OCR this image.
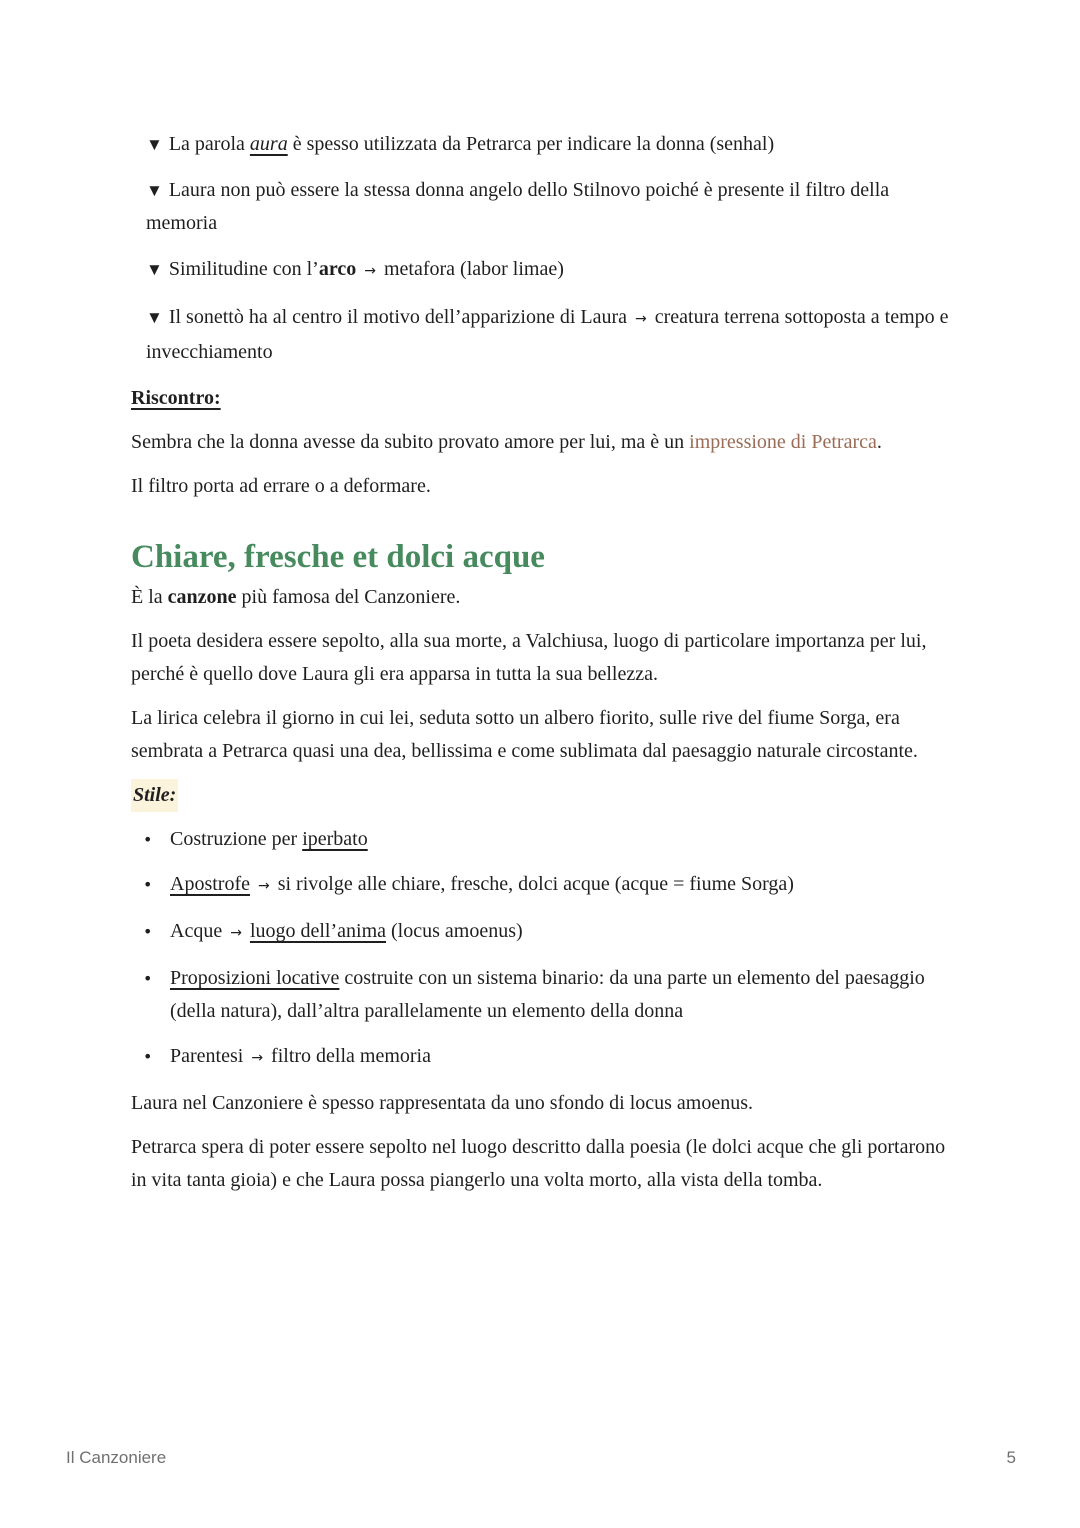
▼ La parola aura è spesso utilizzata da Petrarca per indicare la donna (senhal)
▼ Laura non può essere la stessa donna angelo dello Stilnovo poiché è presente il filtro della memoria
▼ Similitudine con l’arco → metafora (labor limae)
▼ Il sonettò ha al centro il motivo dell’apparizione di Laura → creatura terrena sottoposta a tempo e invecchiamento
Riscontro:

Sembra che la donna avesse da subito provato amore per lui, ma è un impressione di Petrarca.

Il filtro porta ad errare o a deformare.

Chiare, fresche et dolci acque

È la canzone più famosa del Canzoniere.

Il poeta desidera essere sepolto, alla sua morte, a Valchiusa, luogo di particolare importanza per lui, perché è quello dove Laura gli era apparsa in tutta la sua bellezza.

La lirica celebra il giorno in cui lei, seduta sotto un albero fiorito, sulle rive del fiume Sorga, era sembrata a Petrarca quasi una dea, bellissima e come sublimata dal paesaggio naturale circostante.

Stile:
• Costruzione per iperbato
• Apostrofe → si rivolge alle chiare, fresche, dolci acque (acque = fiume Sorga)
• Acque → luogo dell’anima (locus amoenus)
• Proposizioni locative costruite con un sistema binario: da una parte un elemento del paesaggio (della natura), dall’altra parallelamente un elemento della donna
• Parentesi → filtro della memoria

Laura nel Canzoniere è spesso rappresentata da uno sfondo di locus amoenus.

Petrarca spera di poter essere sepolto nel luogo descritto dalla poesia (le dolci acque che gli portarono in vita tanta gioia) e che Laura possa piangerlo una volta morto, alla vista della tomba.

Il Canzoniere	5
